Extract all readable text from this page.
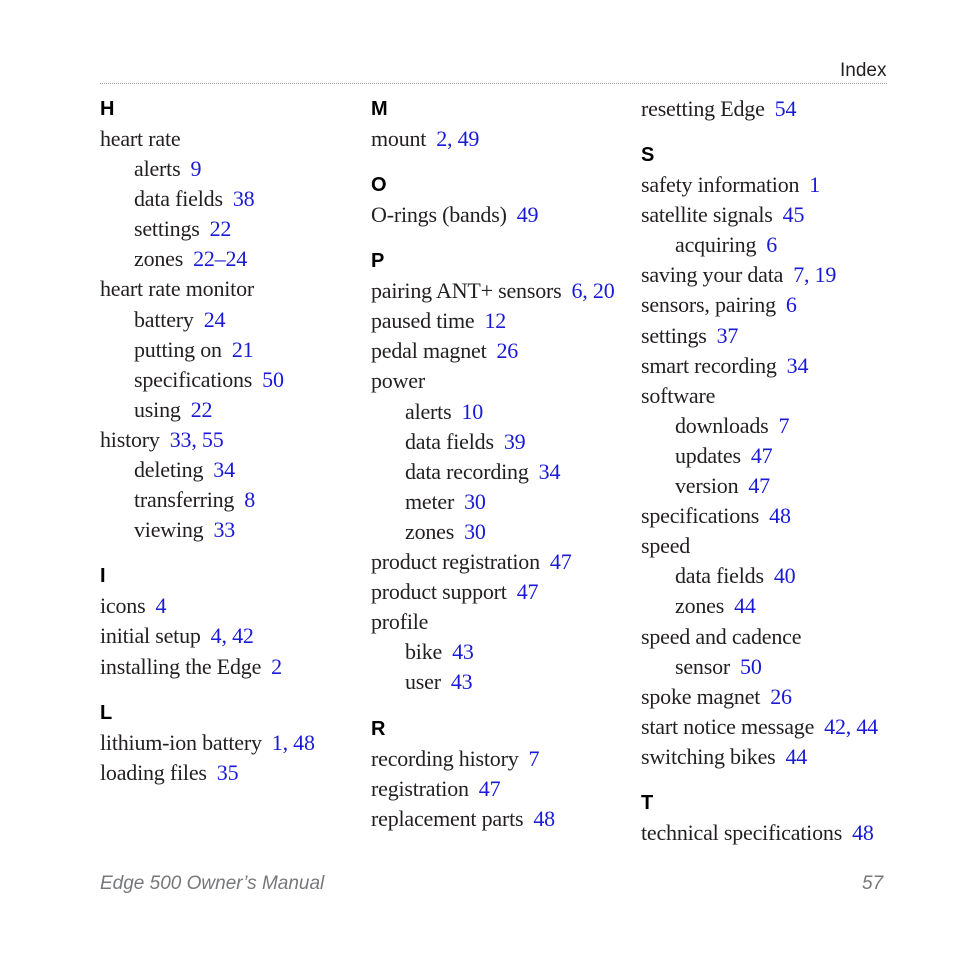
Index
H
heart rate
alerts 9
data fields 38
settings 22
zones 22–24
heart rate monitor
battery 24
putting on 21
specifications 50
using 22
history 33, 55
deleting 34
transferring 8
viewing 33
I
icons 4
initial setup 4, 42
installing the Edge 2
L
lithium-ion battery 1, 48
loading files 35
M
mount 2, 49
O
O-rings (bands) 49
P
pairing ANT+ sensors 6, 20
paused time 12
pedal magnet 26
power
alerts 10
data fields 39
data recording 34
meter 30
zones 30
product registration 47
product support 47
profile
bike 43
user 43
R
recording history 7
registration 47
replacement parts 48
resetting Edge 54
S
safety information 1
satellite signals 45
acquiring 6
saving your data 7, 19
sensors, pairing 6
settings 37
smart recording 34
software
downloads 7
updates 47
version 47
specifications 48
speed
data fields 40
zones 44
speed and cadence
sensor 50
spoke magnet 26
start notice message 42, 44
switching bikes 44
T
technical specifications 48
Edge 500 Owner’s Manual	57
